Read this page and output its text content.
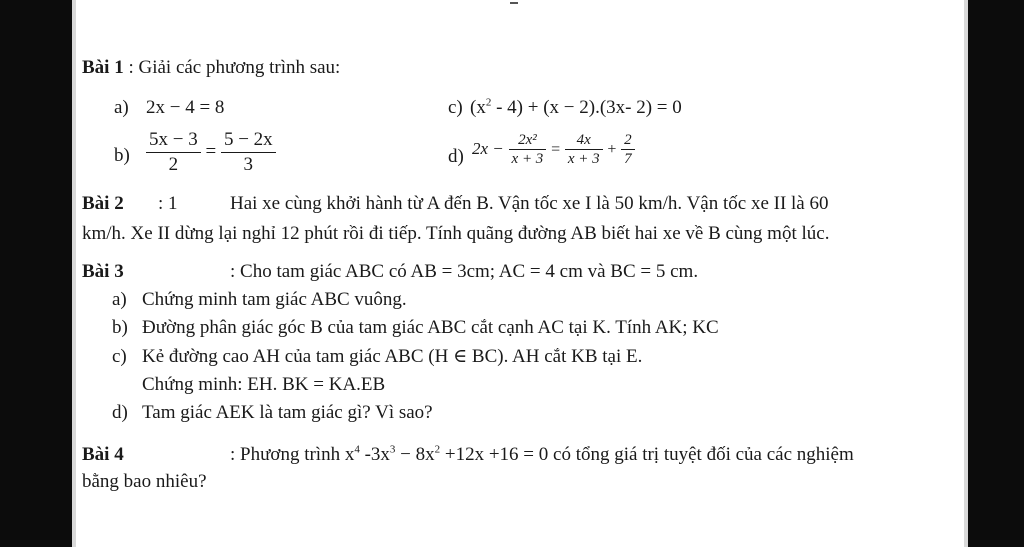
Bài 1 : Giải các phương trình sau:
a) 2x − 4 = 8
$b) \frac{5x - 3}{2} = \frac{5 - 2x}{3}$
c) $(x^2 - 4) + (x - 2).(3x-$ 2) = 0
d) $2x - \frac{\text{2x²}}{x + 3} = \frac{4x}{x + 3} + \frac{2}{7}$
Bài 2 : 1	Hai xe cùng khởi hành từ A đến B. Vận tốc xe I là 50 km/h. Vận tốc xe II là 60
km/h. Xe II dừng lại nghỉ 12 phút rồi đi tiếp. Tính quãng đường AB biết hai xe về B cùng một lúc.
Bài 3	: Cho tam giác ABC có AB = 3cm; AC = 4 cm và BC = 5 cm.
a) Chứng minh tam giác ABC vuông.
b) Đường phân giác góc B của tam giác ABC cắt cạnh AC tại K. Tính AK; KC
c) Kẻ đường cao AH của tam giác ABC (H ∈ BC). AH cắt KB tại E.
Chứng minh: EH. BK = KA.EB
d) Tam giác AEK là tam giác gì? Vì sao?
Bài 4	: Phương trình $x^4$ $-3x^3 - 8x^2 +12x +16 = 0$ có tổng giá trị tuyệt đối của các nghiệm
bằng bao nhiêu?
